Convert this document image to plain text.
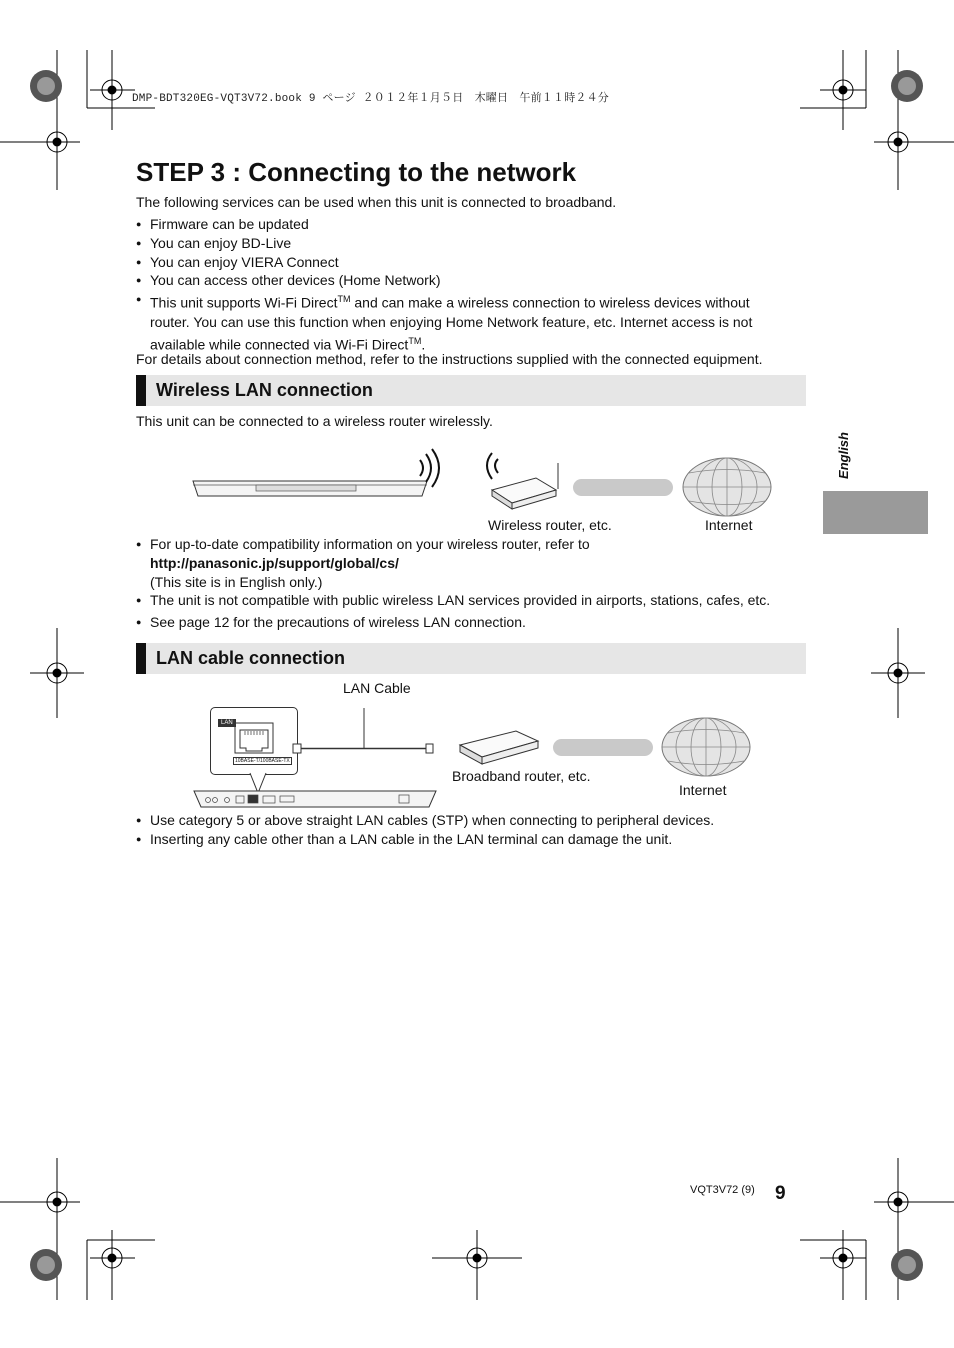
DMP-BDT320EG-VQT3V72.book 9 ページ ２０１２年１月５日　木曜日　午前１１時２４分
STEP 3 : Connecting to the network
The following services can be used when this unit is connected to broadband.
● Firmware can be updated
● You can enjoy BD-Live
● You can enjoy VIERA Connect
● You can access other devices (Home Network)
● This unit supports Wi-Fi Direct™ and can make a wireless connection to wireless devices without
router. You can use this function when enjoying Home Network feature, etc. Internet access is not
available while connected via Wi-Fi Direct™.
For details about connection method, refer to the instructions supplied with the connected equipment.
Wireless LAN connection
This unit can be connected to a wireless router wirelessly.
Wireless router, etc.	Internet
● For up-to-date compatibility information on your wireless router, refer to
http://panasonic.jp/support/global/cs/
(This site is in English only.)
● The unit is not compatible with public wireless LAN services provided in airports, stations, cafes, etc.
● See page 12 for the precautions of wireless LAN connection.
LAN cable connection
LAN Cable
LAN
10BASE-T/100BASE-TX
Broadband router, etc.
Internet
● Use category 5 or above straight LAN cables (STP) when connecting to peripheral devices.
● Inserting any cable other than a LAN cable in the LAN terminal can damage the unit.
English
VQT3V72 (9) 9
